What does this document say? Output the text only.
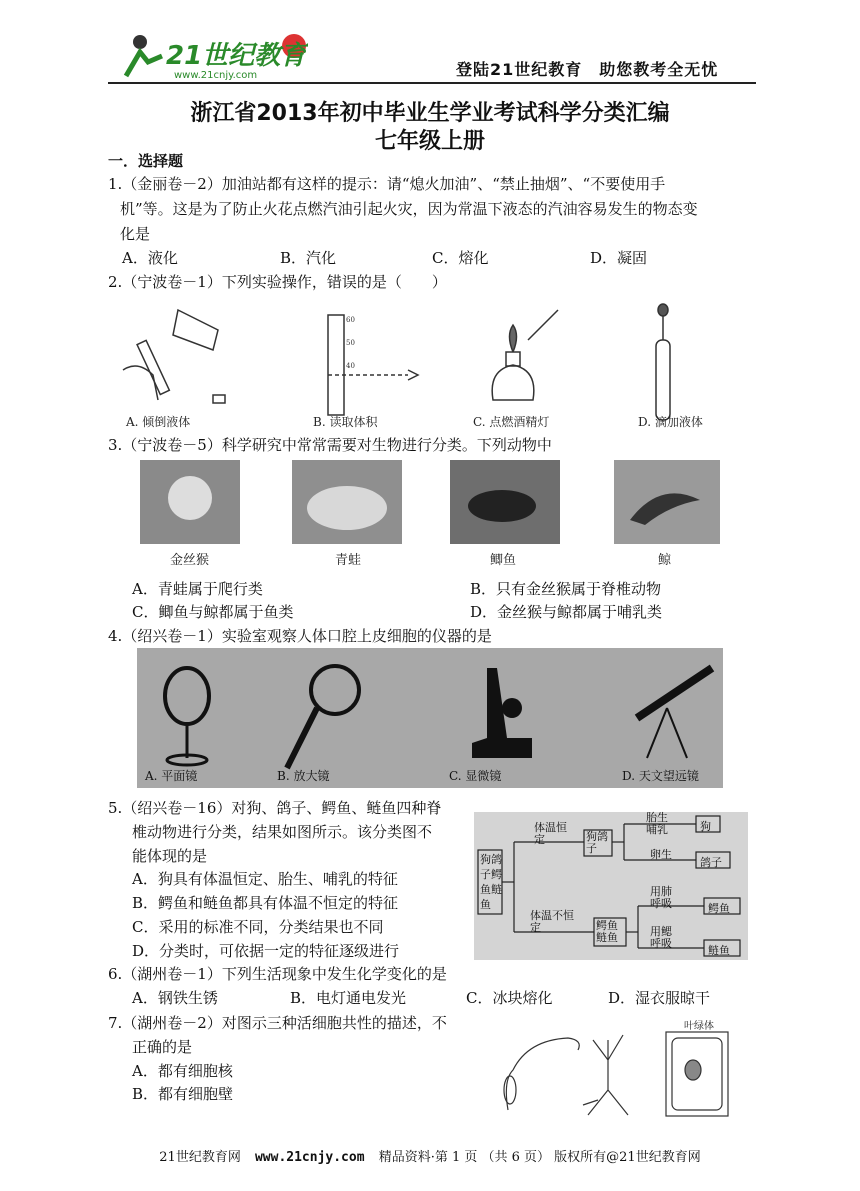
21世纪教育
www.21cnjy.com	登陆21世纪教育　助您教考全无忧
浙江省2013年初中毕业生学业考试科学分类汇编
七年级上册
一．选择题
1.（金丽卷－2）加油站都有这样的提示：请“熄火加油”、“禁止抽烟”、“不要使用手
机”等。这是为了防止火花点燃汽油引起火灾，因为常温下液态的汽油容易发生的物态变
化是
A．液化	B．汽化	C．熔化	D．凝固
2.（宁波卷－1）下列实验操作，错误的是（　　）
60
50
40
A. 倾倒液体	B. 读取体积	C. 点燃酒精灯	D. 滴加液体
3.（宁波卷－5）科学研究中常常需要对生物进行分类。下列动物中
金丝猴	青蛙	鲫鱼	鲸
A．青蛙属于爬行类	B．只有金丝猴属于脊椎动物
C．鲫鱼与鲸都属于鱼类	D．金丝猴与鲸都属于哺乳类
4.（绍兴卷－1）实验室观察人体口腔上皮细胞的仪器的是
A. 平面镜	B. 放大镜	C. 显微镜	D. 天文望远镜
5.（绍兴卷－16）对狗、鸽子、鳄鱼、鲢鱼四种脊
椎动物进行分类，结果如图所示。该分类图不
能体现的是
A．狗具有体温恒定、胎生、哺乳的特征
B．鳄鱼和鲢鱼都具有体温不恒定的特征
C．采用的标准不同，分类结果也不同
D．分类时，可依据一定的特征逐级进行
狗鸽子鳄鱼鲢鱼
体温恒定	狗鸽子
体温不恒定	鳄鱼鲢鱼
胎生哺乳	狗
卵生
鸽子
用肺呼吸	鳄鱼
用鳃呼吸
鲢鱼
6.（湖州卷－1）下列生活现象中发生化学变化的是
A．钢铁生锈	B．电灯通电发光	C．冰块熔化	D．湿衣服晾干
7.（湖州卷－2）对图示三种活细胞共性的描述，不
正确的是
A．都有细胞核
B．都有细胞壁
叶绿体
21世纪教育网 www.21cnjy.com 精品资料·第 1 页 （共 6 页） 版权所有@21世纪教育网
